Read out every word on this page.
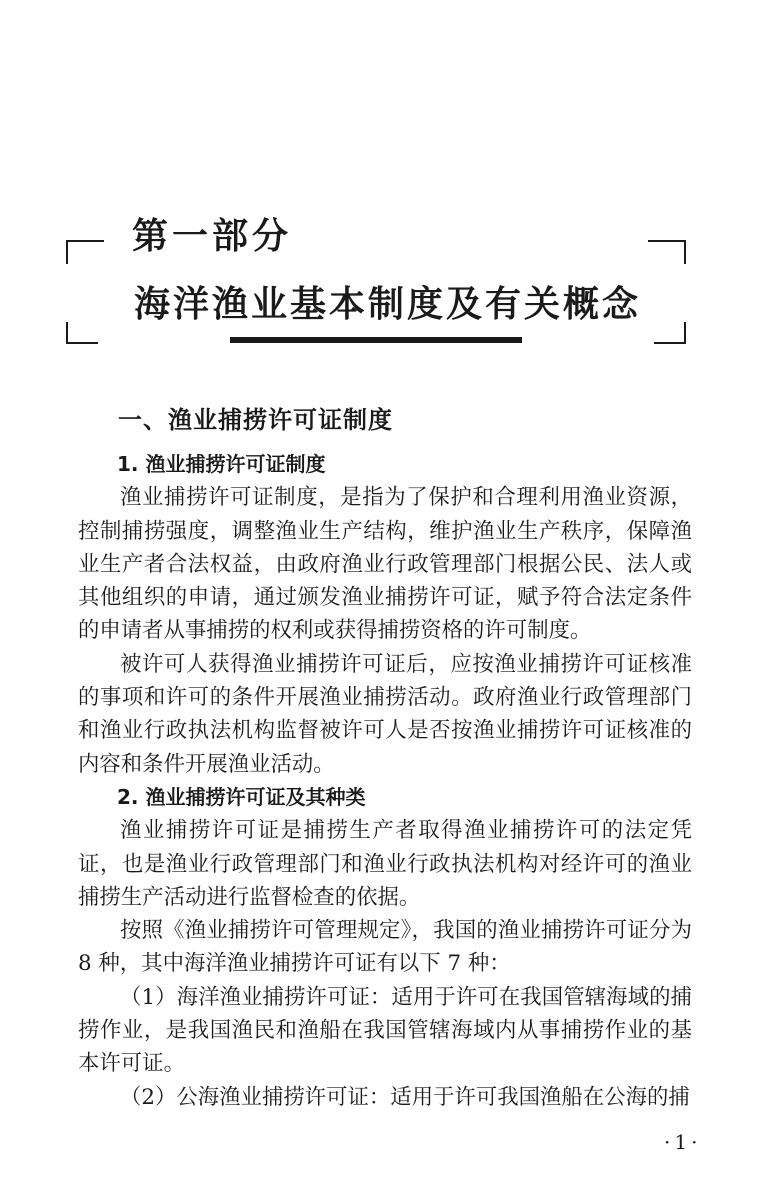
第一部分
海洋渔业基本制度及有关概念
一、渔业捕捞许可证制度

1. 渔业捕捞许可证制度

渔业捕捞许可证制度，是指为了保护和合理利用渔业资源，控制捕捞强度，调整渔业生产结构，维护渔业生产秩序，保障渔业生产者合法权益，由政府渔业行政管理部门根据公民、法人或其他组织的申请，通过颁发渔业捕捞许可证，赋予符合法定条件的申请者从事捕捞的权利或获得捕捞资格的许可制度。

被许可人获得渔业捕捞许可证后，应按渔业捕捞许可证核准的事项和许可的条件开展渔业捕捞活动。政府渔业行政管理部门和渔业行政执法机构监督被许可人是否按渔业捕捞许可证核准的内容和条件开展渔业活动。

2. 渔业捕捞许可证及其种类

渔业捕捞许可证是捕捞生产者取得渔业捕捞许可的法定凭证，也是渔业行政管理部门和渔业行政执法机构对经许可的渔业捕捞生产活动进行监督检查的依据。

按照《渔业捕捞许可管理规定》，我国的渔业捕捞许可证分为 8 种，其中海洋渔业捕捞许可证有以下 7 种：

（1）海洋渔业捕捞许可证：适用于许可在我国管辖海域的捕捞作业，是我国渔民和渔船在我国管辖海域内从事捕捞作业的基本许可证。

（2）公海渔业捕捞许可证：适用于许可我国渔船在公海的捕

·1·
